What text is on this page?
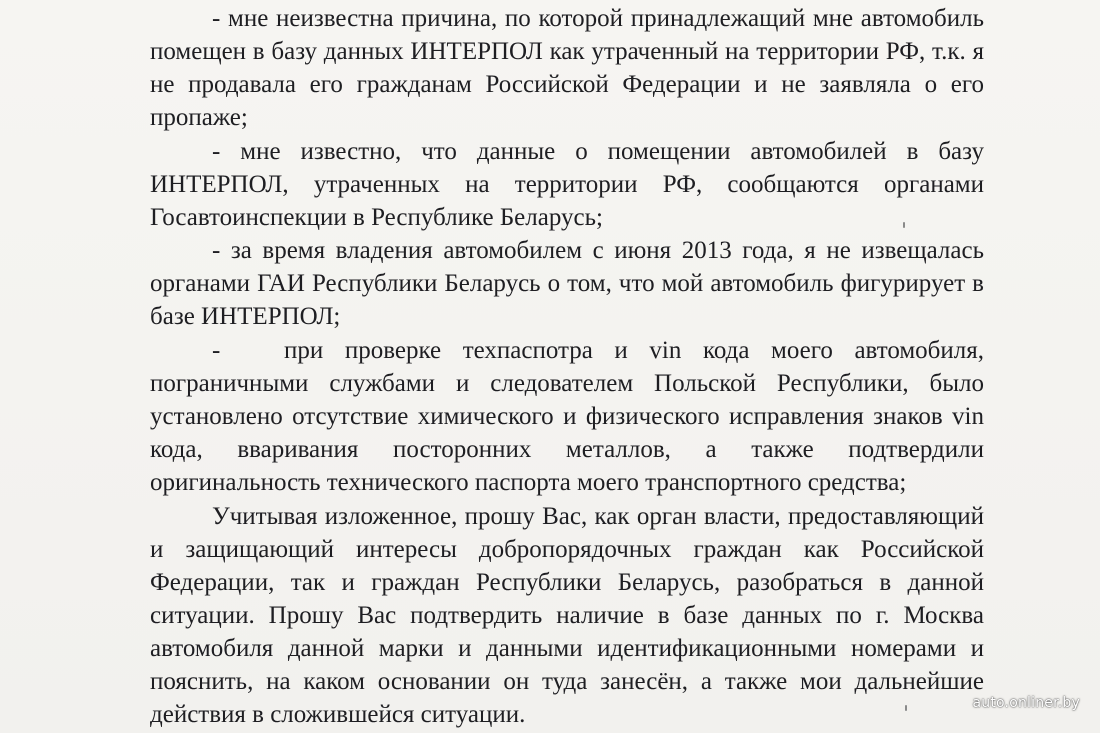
- мне неизвестна причина, по которой принадлежащий мне автомобиль помещен в базу данных ИНТЕРПОЛ как утраченный на территории РФ, т.к. я не продавала его гражданам Российской Федерации и не заявляла о его пропаже;

- мне известно, что данные о помещении автомобилей в базу ИНТЕРПОЛ, утраченных на территории РФ, сообщаются органами Госавтоинспекции в Республике Беларусь;

- за время владения автомобилем с июня 2013 года, я не извещалась органами ГАИ Республики Беларусь о том, что мой автомобиль фигурирует в базе ИНТЕРПОЛ;

-	при проверке техпаспотра и vin кода моего автомобиля, пограничными службами и следователем Польской Республики, было установлено отсутствие химического и физического исправления знаков vin кода, вваривания посторонних металлов, а также подтвердили оригинальность технического паспорта моего транспортного средства;

Учитывая изложенное, прошу Вас, как орган власти, предоставляющий и защищающий интересы добропорядочных граждан как Российской Федерации, так и граждан Республики Беларусь, разобраться в данной ситуации. Прошу Вас подтвердить наличие в базе данных по г. Москва автомобиля данной марки и данными идентификационными номерами и пояснить, на каком основании он туда занесён, а также мои дальнейшие действия в сложившейся ситуации.	auto.onliner.by
